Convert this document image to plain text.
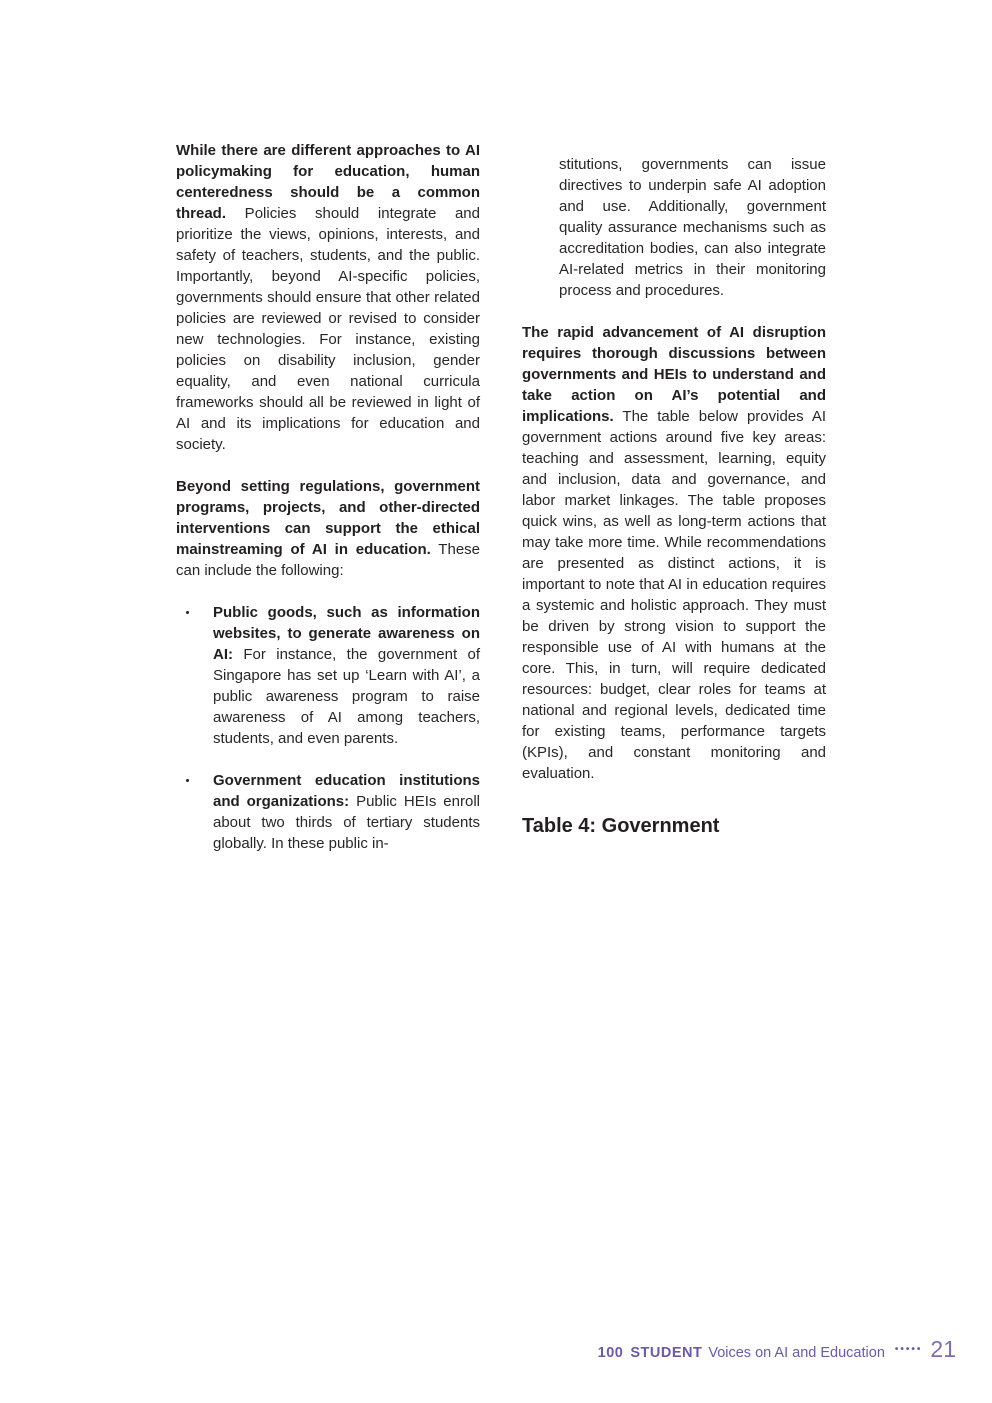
While there are different approaches to AI policymaking for education, human centeredness should be a common thread. Policies should integrate and prioritize the views, opinions, interests, and safety of teachers, students, and the public. Importantly, beyond AI-specific policies, governments should ensure that other related policies are reviewed or revised to consider new technologies. For instance, existing policies on disability inclusion, gender equality, and even national curricula frameworks should all be reviewed in light of AI and its implications for education and society.

Beyond setting regulations, government programs, projects, and other-directed interventions can support the ethical mainstreaming of AI in education. These can include the following:

Public goods, such as information websites, to generate awareness on AI: For instance, the government of Singapore has set up ‘Learn with AI’, a public awareness program to raise awareness of AI among teachers, students, and even parents.
Government education institutions and organizations: Public HEIs enroll about two thirds of tertiary students globally. In these public in-

stitutions, governments can issue directives to underpin safe AI adoption and use. Additionally, government quality assurance mechanisms such as accreditation bodies, can also integrate AI-related metrics in their monitoring process and procedures.

The rapid advancement of AI disruption requires thorough discussions between governments and HEIs to understand and take action on AI’s potential and implications. The table below provides AI government actions around five key areas: teaching and assessment, learning, equity and inclusion, data and governance, and labor market linkages. The table proposes quick wins, as well as long-term actions that may take more time. While recommendations are presented as distinct actions, it is important to note that AI in education requires a systemic and holistic approach. They must be driven by strong vision to support the responsible use of AI with humans at the core. This, in turn, will require dedicated resources: budget, clear roles for teams at national and regional levels, dedicated time for existing teams, performance targets (KPIs), and constant monitoring and evaluation.

Table 4: Government
100 STUDENT Voices on AI and Education ••••• 21
